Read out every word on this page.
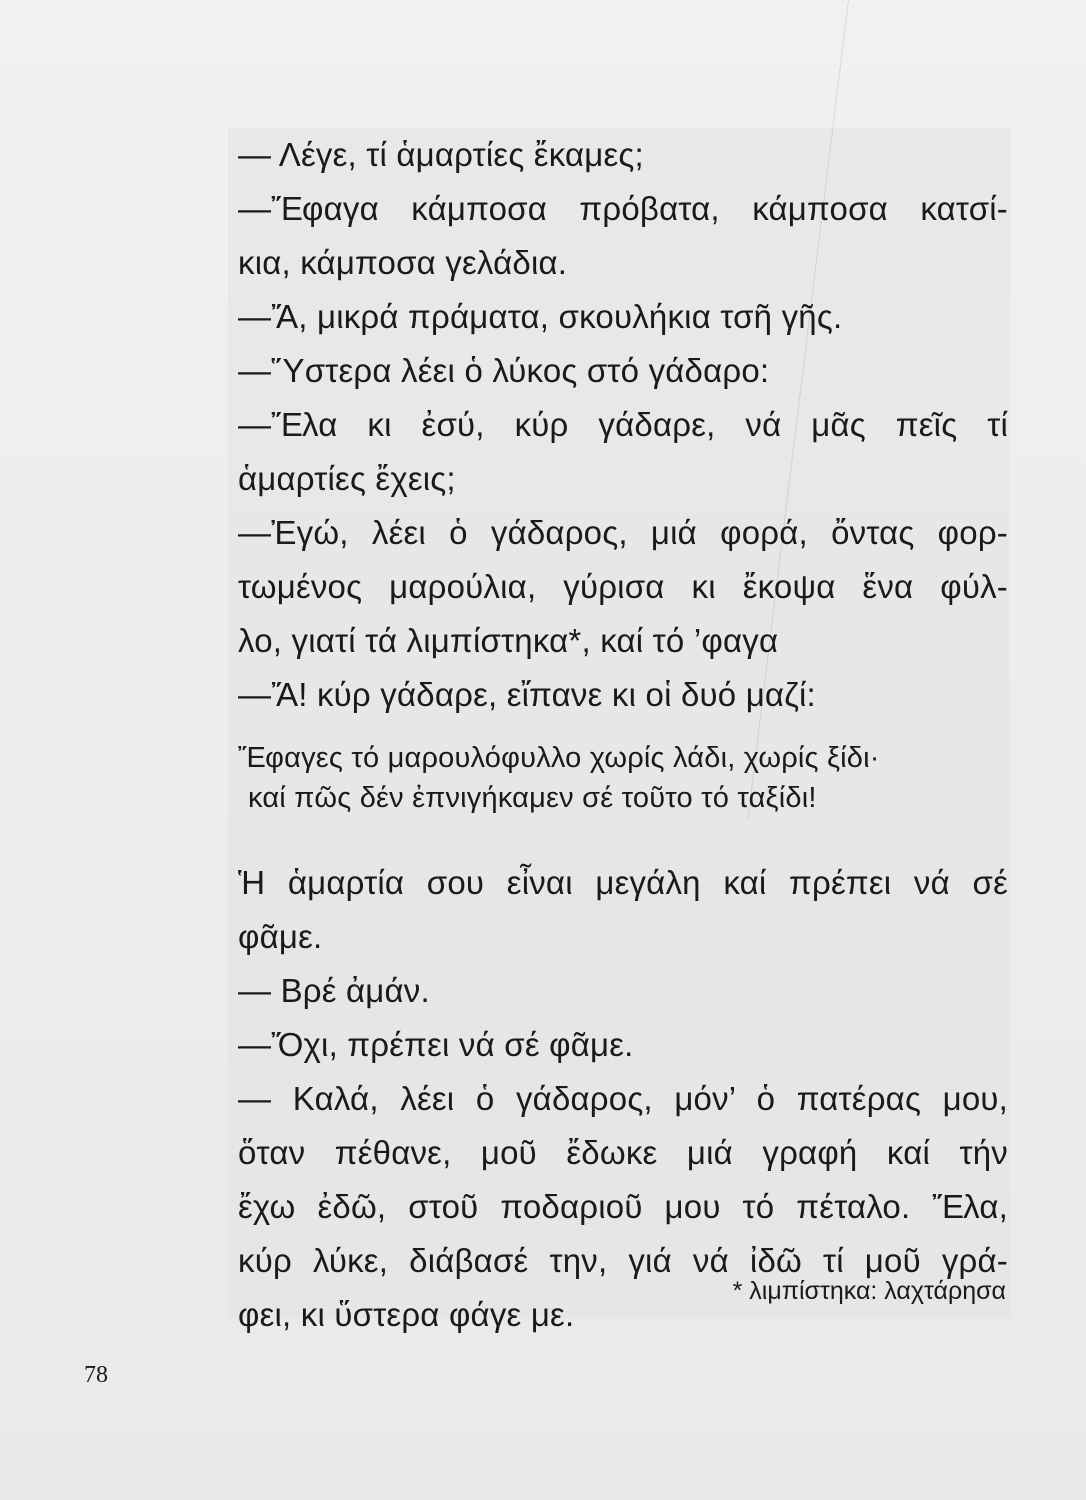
— Λέγε, τί ἁμαρτίες ἔκαμες;
—Ἔφαγα κάμποσα πρόβατα, κάμποσα κατσί-
κια, κάμποσα γελάδια.
—Ἄ, μικρά πράματα, σκουλήκια τσῆ γῆς.
—Ὕστερα λέει ὁ λύκος στό γάδαρο:
—Ἔλα κι ἐσύ, κύρ γάδαρε, νά μᾶς πεῖς τί
ἁμαρτίες ἔχεις;
—Ἐγώ, λέει ὁ γάδαρος, μιά φορά, ὄντας φορ-
τωμένος μαρούλια, γύρισα κι ἔκοψα ἕνα φύλ-
λο, γιατί τά λιμπίστηκα*, καί τό ’φαγα
—Ἄ! κύρ γάδαρε, εἴπανε κι οἱ δυό μαζί:
Ἔφαγες τό μαρουλόφυλλο χωρίς λάδι, χωρίς ξίδι·
καί πῶς δέν ἐπνιγήκαμεν σέ τοῦτο τό ταξίδι!
Ἡ ἁμαρτία σου εἶναι μεγάλη καί πρέπει νά σέ
φᾶμε.
— Βρέ ἀμάν.
—Ὄχι, πρέπει νά σέ φᾶμε.
— Καλά, λέει ὁ γάδαρος, μόν’ ὁ πατέρας μου,
ὅταν πέθανε, μοῦ ἔδωκε μιά γραφή καί τήν
ἔχω ἐδῶ, στοῦ ποδαριοῦ μου τό πέταλο. Ἔλα,
κύρ λύκε, διάβασέ την, γιά νά ἰδῶ τί μοῦ γρά-
φει, κι ὕστερα φάγε με.
* λιμπίστηκα: λαχτάρησα
78
